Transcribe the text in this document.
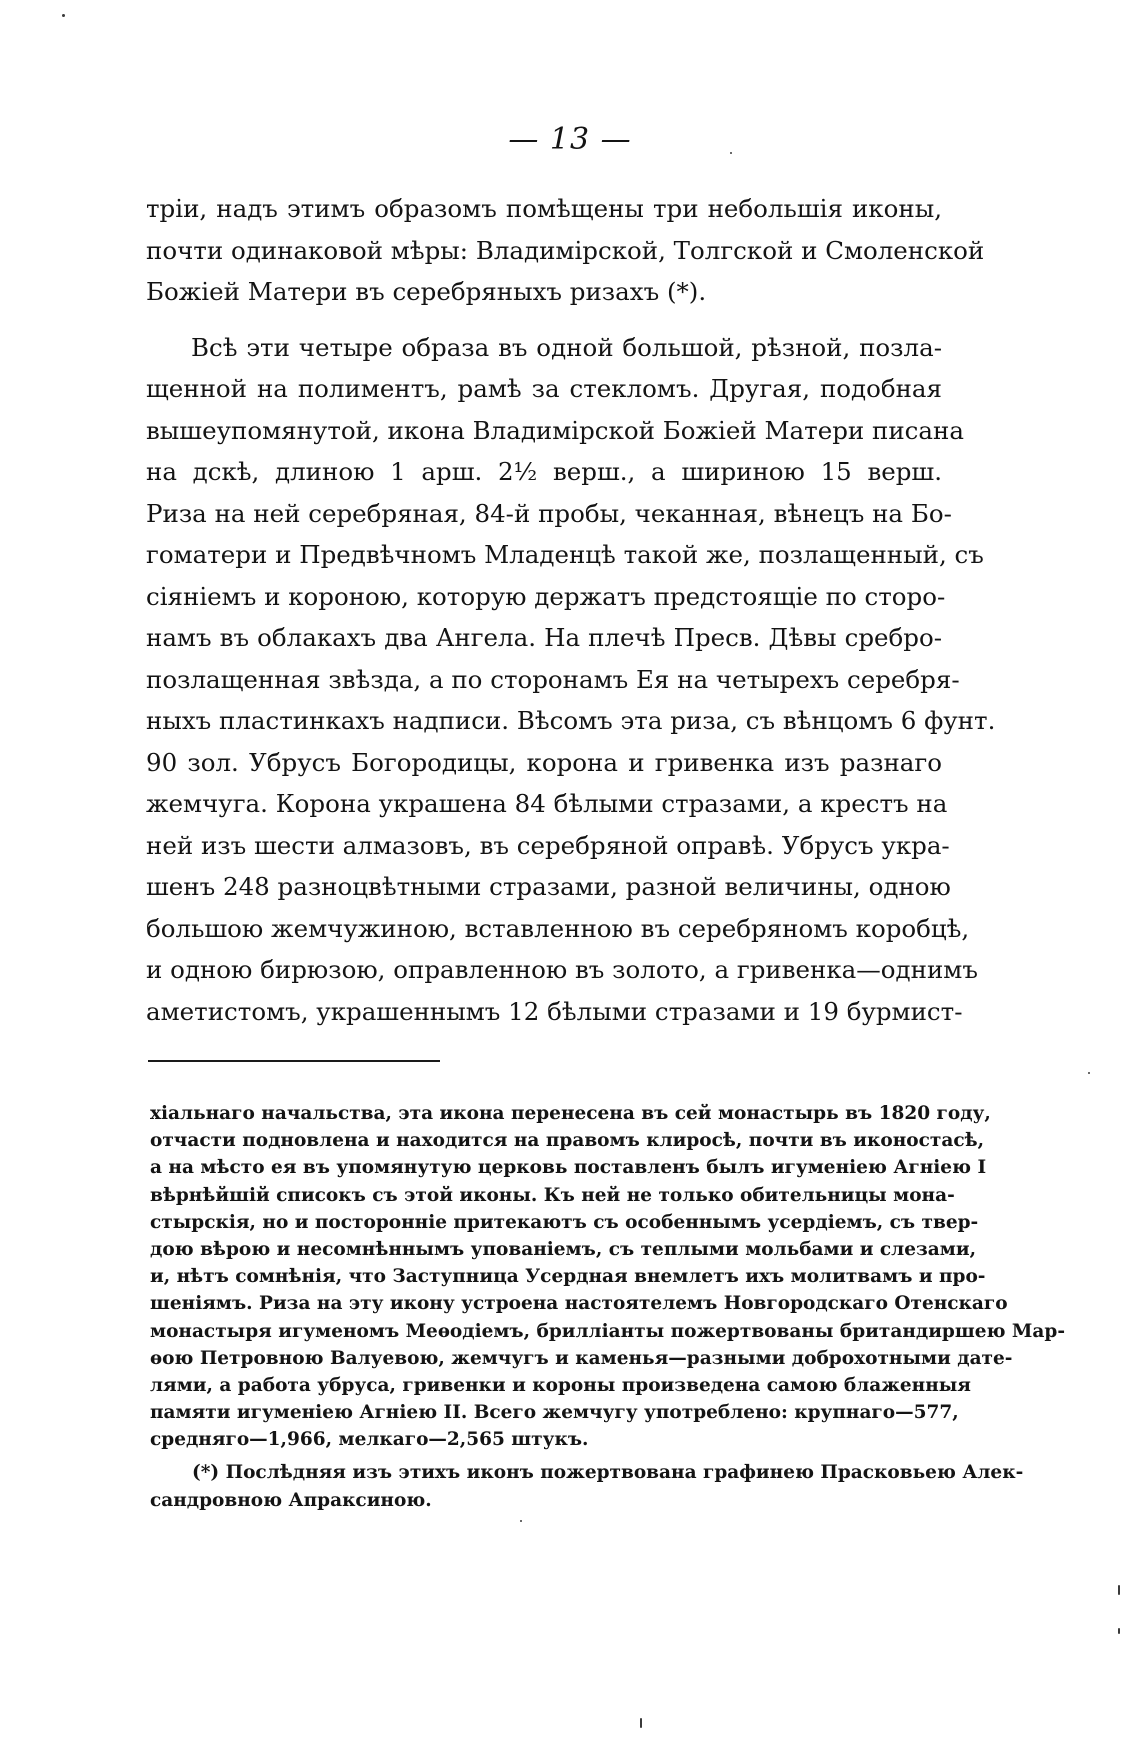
— 13 —
тріи, надъ этимъ образомъ помѣщены три небольшія иконы,
почти одинаковой мѣры: Владимірской, Толгской и Смоленской
Божіей Матери въ серебряныхъ ризахъ (*).
Всѣ эти четыре образа въ одной большой, рѣзной, позла-
щенной на полиментъ, рамѣ за стекломъ. Другая, подобная
вышеупомянутой, икона Владимірской Божіей Матери писана
на дскѣ, длиною 1 арш. 2½ верш., а шириною 15 верш.
Риза на ней серебряная, 84-й пробы, чеканная, вѣнецъ на Бо-
гоматери и Предвѣчномъ Младенцѣ такой же, позлащенный, съ
сіяніемъ и короною, которую держатъ предстоящіе по сторо-
намъ въ облакахъ два Ангела. На плечѣ Пресв. Дѣвы сребро-
позлащенная звѣзда, а по сторонамъ Ея на четырехъ серебря-
ныхъ пластинкахъ надписи. Вѣсомъ эта риза, съ вѣнцомъ 6 фунт.
90 зол. Убрусъ Богородицы, корона и гривенка изъ разнаго
жемчуга. Корона украшена 84 бѣлыми стразами, а крестъ на
ней изъ шести алмазовъ, въ серебряной оправѣ. Убрусъ укра-
шенъ 248 разноцвѣтными стразами, разной величины, одною
большою жемчужиною, вставленною въ серебряномъ коробцѣ,
и одною бирюзою, оправленною въ золото, а гривенка—однимъ
аметистомъ, украшеннымъ 12 бѣлыми стразами и 19 бурмист-
хіальнаго начальства, эта икона перенесена въ сей монастырь въ 1820 году,
отчасти подновлена и находится на правомъ клиросѣ, почти въ иконостасѣ,
а на мѣсто ея въ упомянутую церковь поставленъ былъ игуменіею Агніею I
вѣрнѣйшій списокъ съ этой иконы. Къ ней не только обительницы мона-
стырскія, но и посторонніе притекаютъ съ особеннымъ усердіемъ, съ твер-
дою вѣрою и несомнѣннымъ упованіемъ, съ теплыми мольбами и слезами,
и, нѣтъ сомнѣнія, что Заступница Усердная внемлетъ ихъ молитвамъ и про-
шеніямъ. Риза на эту икону устроена настоятелемъ Новгородскаго Отенскаго
монастыря игуменомъ Меѳодіемъ, брилліанты пожертвованы британдиршею Мар-
ѳою Петровною Валуевою, жемчугъ и каменья—разными доброхотными дате-
лями, а работа убруса, гривенки и короны произведена самою блаженныя
памяти игуменіею Агніею II. Всего жемчугу употреблено: крупнаго—577,
средняго—1,966, мелкаго—2,565 штукъ.
(*) Послѣдняя изъ этихъ иконъ пожертвована графинею Прасковьею Алек-
сандровною Апраксиною.
